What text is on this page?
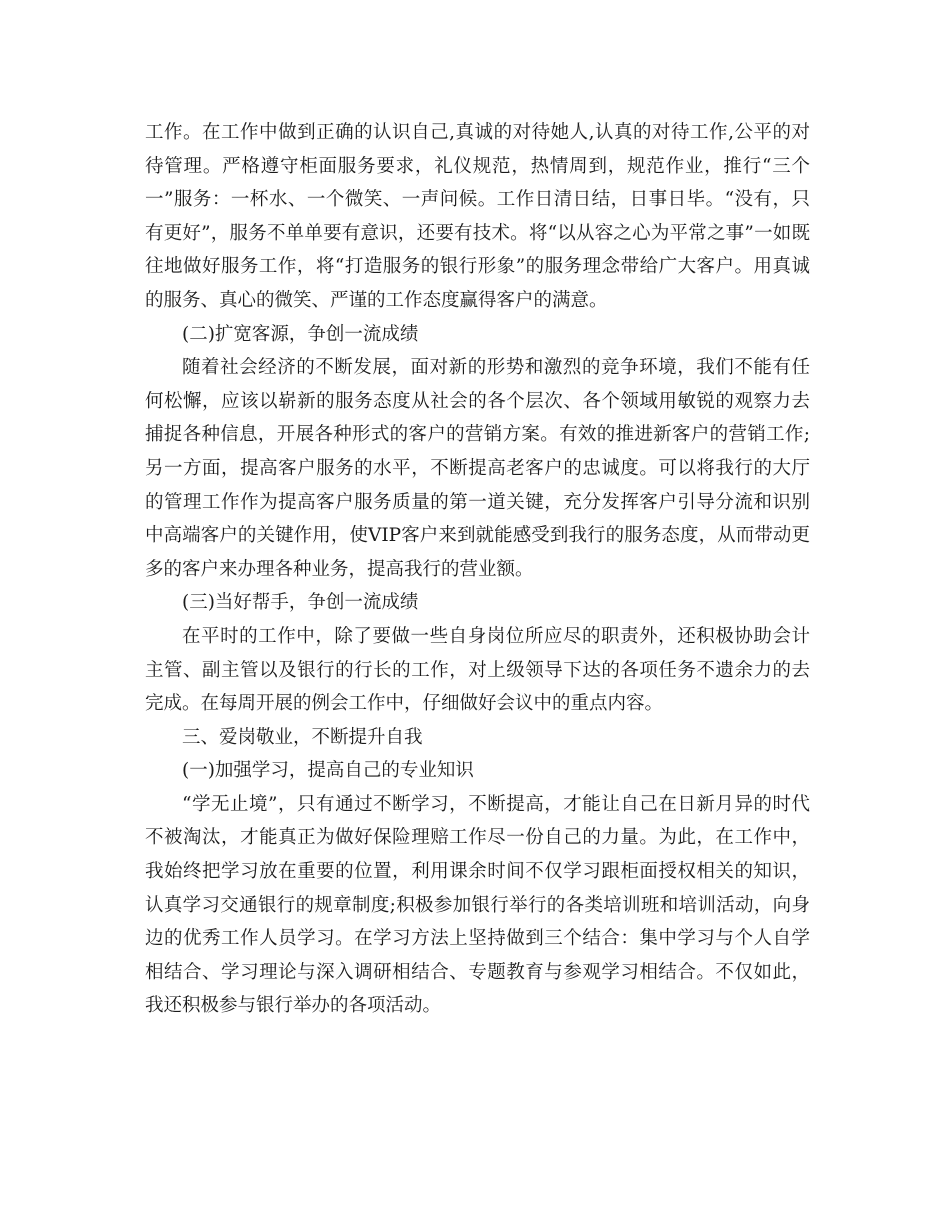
工作。在工作中做到正确的认识自己,真诚的对待她人,认真的对待工作,公平的对待管理。严格遵守柜面服务要求，礼仪规范，热情周到，规范作业，推行“三个一”服务：一杯水、一个微笑、一声问候。工作日清日结，日事日毕。“没有，只有更好”，服务不单单要有意识，还要有技术。将“以从容之心为平常之事”一如既往地做好服务工作，将“打造服务的银行形象”的服务理念带给广大客户。用真诚的服务、真心的微笑、严谨的工作态度赢得客户的满意。

(二)扩宽客源，争创一流成绩

随着社会经济的不断发展，面对新的形势和激烈的竞争环境，我们不能有任何松懈，应该以崭新的服务态度从社会的各个层次、各个领域用敏锐的观察力去捕捉各种信息，开展各种形式的客户的营销方案。有效的推进新客户的营销工作;另一方面，提高客户服务的水平，不断提高老客户的忠诚度。可以将我行的大厅的管理工作作为提高客户服务质量的第一道关键，充分发挥客户引导分流和识别中高端客户的关键作用，使VIP客户来到就能感受到我行的服务态度，从而带动更多的客户来办理各种业务，提高我行的营业额。

(三)当好帮手，争创一流成绩

在平时的工作中，除了要做一些自身岗位所应尽的职责外，还积极协助会计主管、副主管以及银行的行长的工作，对上级领导下达的各项任务不遗余力的去完成。在每周开展的例会工作中，仔细做好会议中的重点内容。

三、爱岗敬业，不断提升自我

(一)加强学习，提高自己的专业知识

“学无止境”，只有通过不断学习，不断提高，才能让自己在日新月异的时代不被淘汰，才能真正为做好保险理赔工作尽一份自己的力量。为此，在工作中，我始终把学习放在重要的位置，利用课余时间不仅学习跟柜面授权相关的知识，认真学习交通银行的规章制度;积极参加银行举行的各类培训班和培训活动，向身边的优秀工作人员学习。在学习方法上坚持做到三个结合：集中学习与个人自学相结合、学习理论与深入调研相结合、专题教育与参观学习相结合。不仅如此，我还积极参与银行举办的各项活动。
